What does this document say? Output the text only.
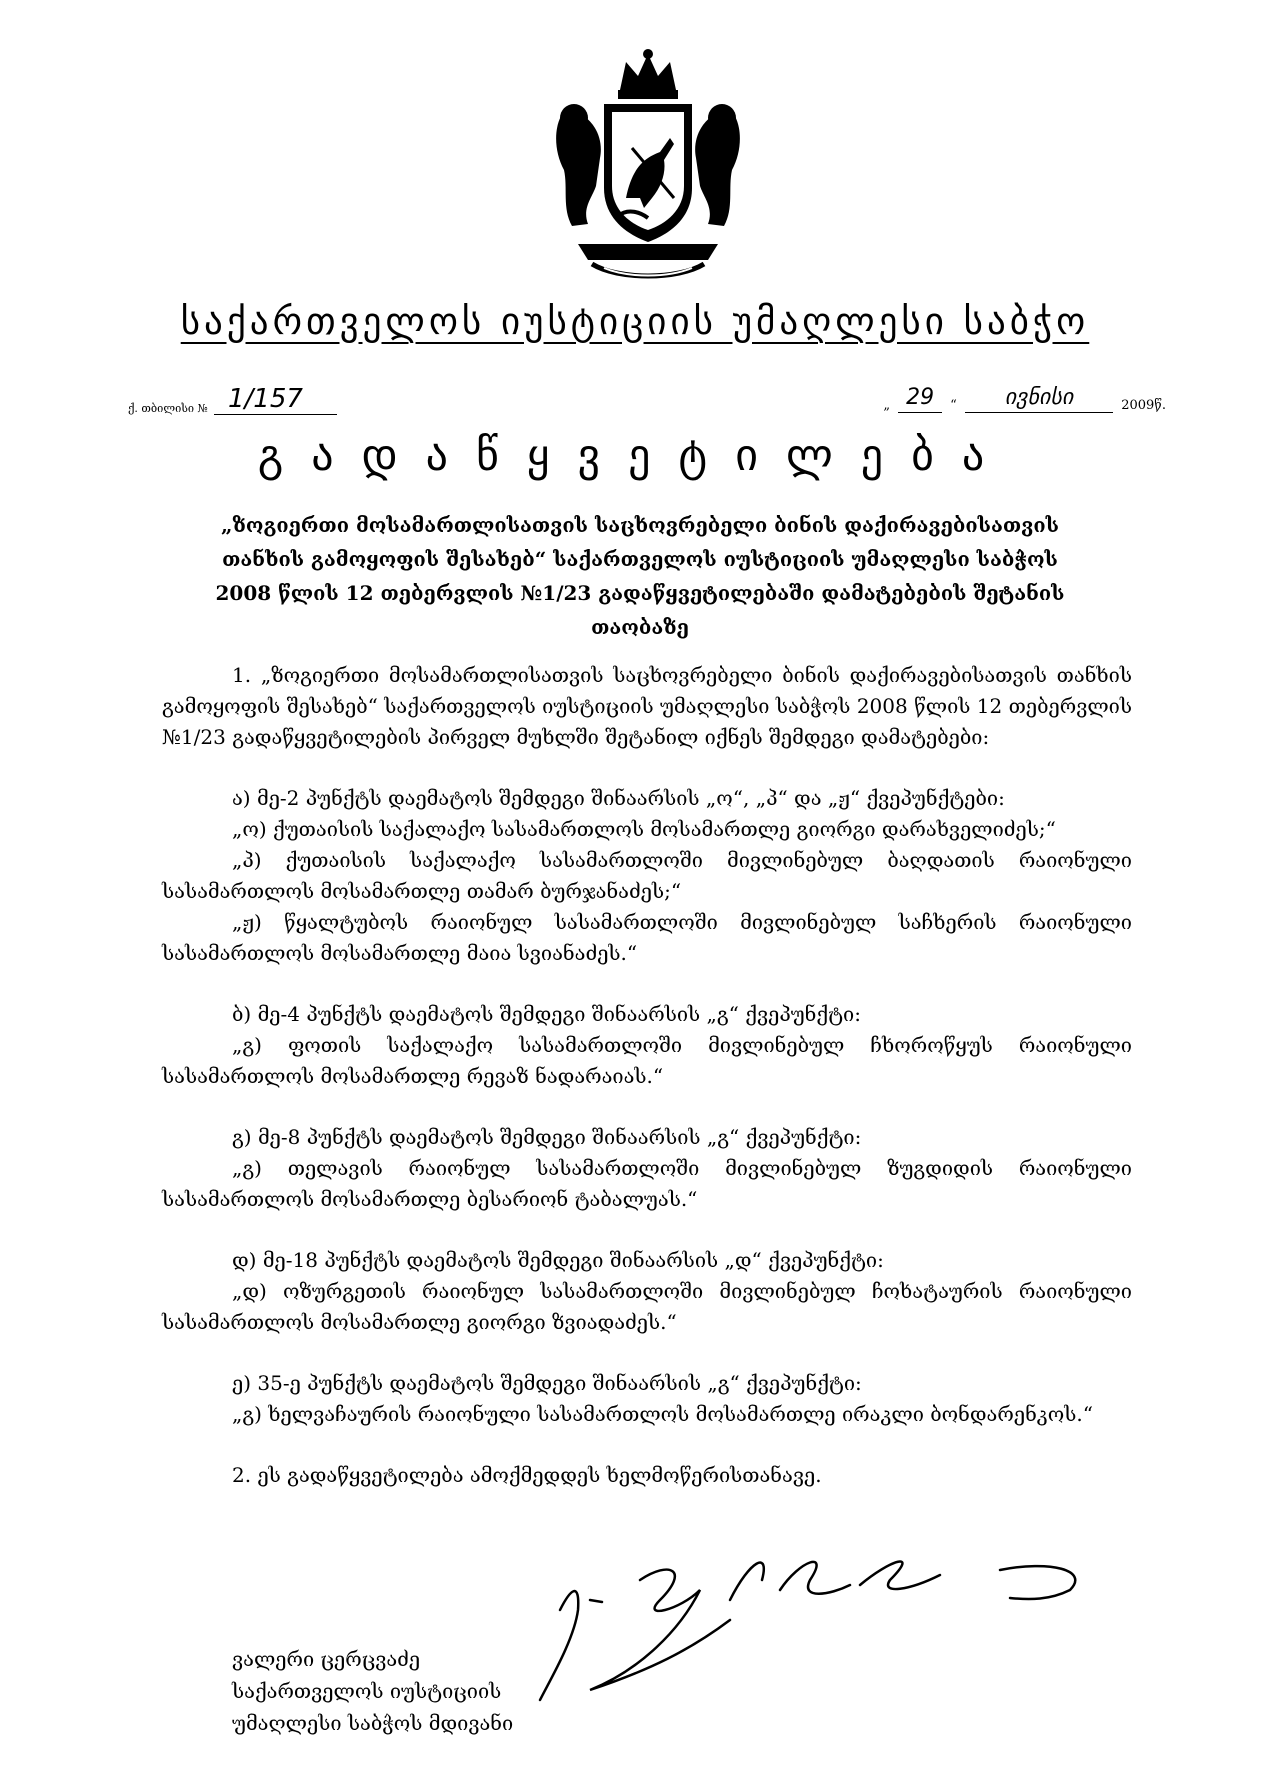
საქართველოს იუსტიციის უმაღლესი საბჭო
ქ. თბილისი № 1/157	„ 29	“	ივნისი	2009წ.
გადაწყვეტილება
„ზოგიერთი მოსამართლისათვის საცხოვრებელი ბინის დაქირავებისათვის თანხის გამოყოფის შესახებ“ საქართველოს იუსტიციის უმაღლესი საბჭოს 2008 წლის 12 თებერვლის №1/23 გადაწყვეტილებაში დამატებების შეტანის თაობაზე

1. „ზოგიერთი მოსამართლისათვის საცხოვრებელი ბინის დაქირავებისათვის თანხის გამოყოფის შესახებ“ საქართველოს იუსტიციის უმაღლესი საბჭოს 2008 წლის 12 თებერვლის №1/23 გადაწყვეტილების პირველ მუხლში შეტანილ იქნეს შემდეგი დამატებები:

ა) მე-2 პუნქტს დაემატოს შემდეგი შინაარსის „ო“, „პ“ და „ჟ“ ქვეპუნქტები:

„ო) ქუთაისის საქალაქო სასამართლოს მოსამართლე გიორგი დარახველიძეს;“

„პ) ქუთაისის საქალაქო სასამართლოში მივლინებულ ბაღდათის რაიონული სასამართლოს მოსამართლე თამარ ბურჯანაძეს;“

„ჟ) წყალტუბოს რაიონულ სასამართლოში მივლინებულ საჩხერის რაიონული სასამართლოს მოსამართლე მაია სვიანაძეს.“

ბ) მე-4 პუნქტს დაემატოს შემდეგი შინაარსის „გ“ ქვეპუნქტი:

„გ) ფოთის საქალაქო სასამართლოში მივლინებულ ჩხოროწყუს რაიონული სასამართლოს მოსამართლე რევაზ ნადარაიას.“

გ) მე-8 პუნქტს დაემატოს შემდეგი შინაარსის „გ“ ქვეპუნქტი:

„გ) თელავის რაიონულ სასამართლოში მივლინებულ ზუგდიდის რაიონული სასამართლოს მოსამართლე ბესარიონ ტაბალუას.“

დ) მე-18 პუნქტს დაემატოს შემდეგი შინაარსის „დ“ ქვეპუნქტი:

„დ) ოზურგეთის რაიონულ სასამართლოში მივლინებულ ჩოხატაურის რაიონული სასამართლოს მოსამართლე გიორგი ზვიადაძეს.“

ე) 35-ე პუნქტს დაემატოს შემდეგი შინაარსის „გ“ ქვეპუნქტი:

„გ) ხელვაჩაურის რაიონული სასამართლოს მოსამართლე ირაკლი ბონდარენკოს.“

2. ეს გადაწყვეტილება ამოქმედდეს ხელმოწერისთანავე.

ვალერი ცერცვაძე
საქართველოს იუსტიციის
უმაღლესი საბჭოს მდივანი
